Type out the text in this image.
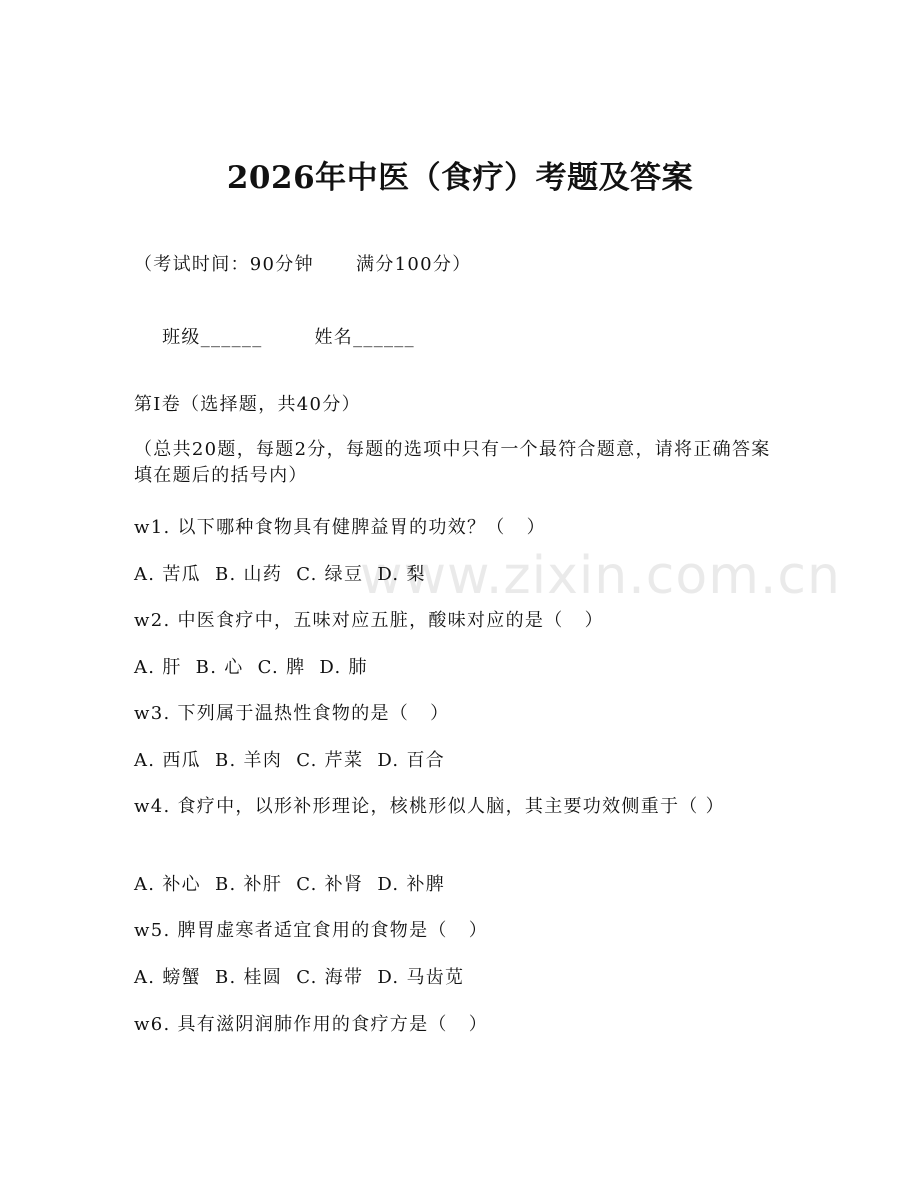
www.zixin.com.cn
2026年中医（食疗）考题及答案
（考试时间：90分钟      满分100分）

班级______	姓名______

第Ⅰ卷（选择题，共40分）
（总共20题，每题2分，每题的选项中只有一个最符合题意，请将正确答案填在题后的括号内）
w1. 以下哪种食物具有健脾益胃的功效？（   ）
A. 苦瓜  B. 山药  C. 绿豆  D. 梨
w2. 中医食疗中，五味对应五脏，酸味对应的是（   ）
A. 肝  B. 心  C. 脾  D. 肺
w3. 下列属于温热性食物的是（   ）
A. 西瓜  B. 羊肉  C. 芹菜  D. 百合
w4. 食疗中，以形补形理论，核桃形似人脑，其主要功效侧重于（ ）
A. 补心  B. 补肝  C. 补肾  D. 补脾
w5. 脾胃虚寒者适宜食用的食物是（   ）
A. 螃蟹  B. 桂圆  C. 海带  D. 马齿苋
w6. 具有滋阴润肺作用的食疗方是（   ）
